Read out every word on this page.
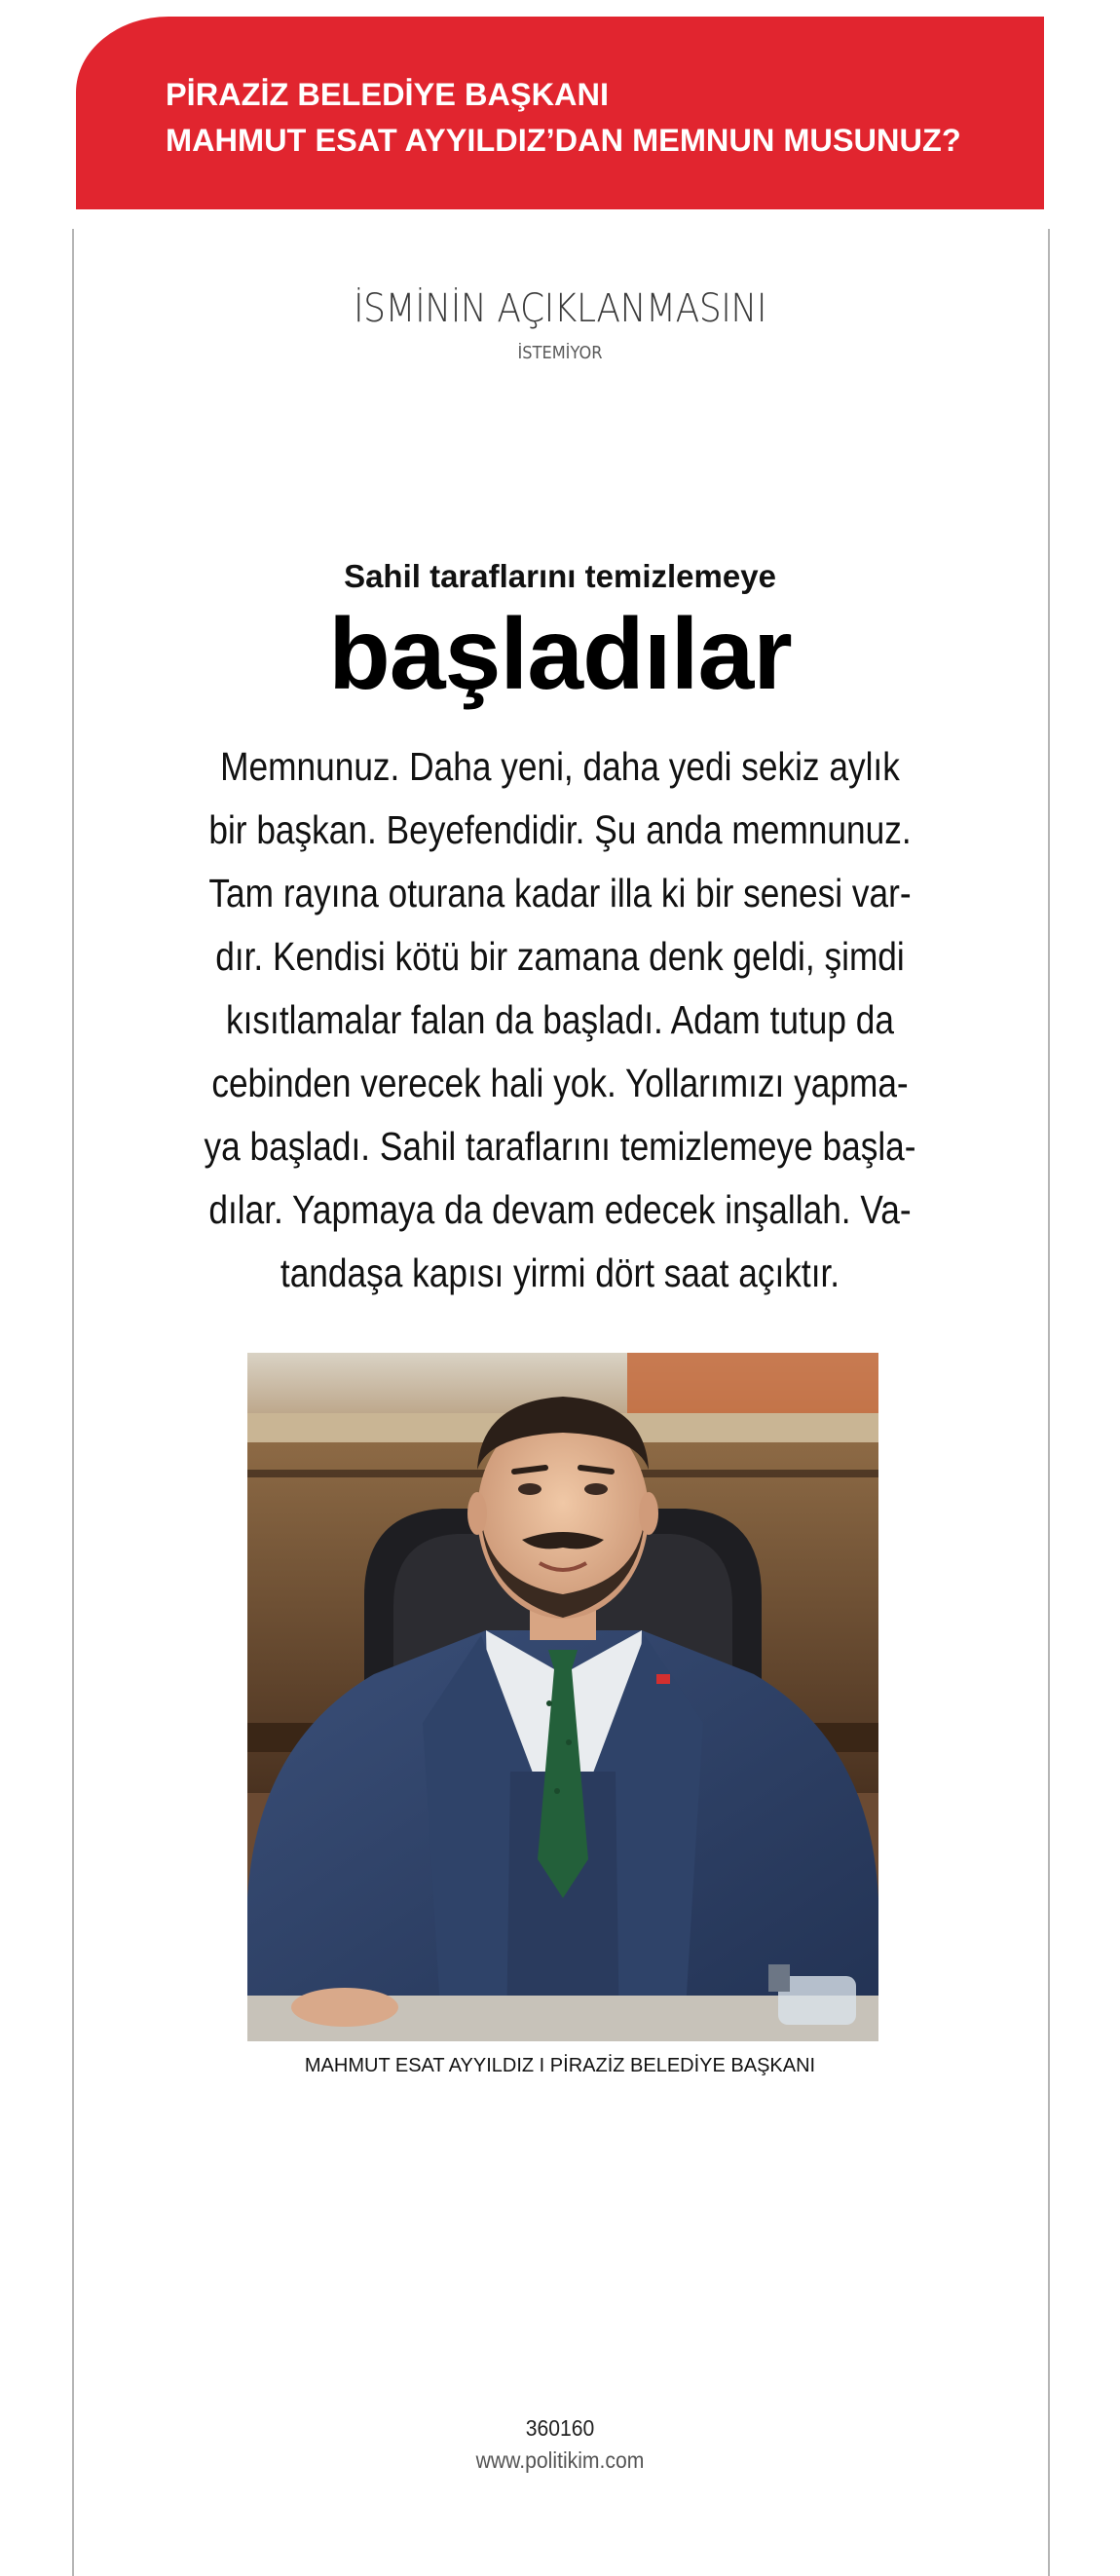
PİRAZİZ BELEDİYE BAŞKANI
MAHMUT ESAT AYYILDIZ’DAN MEMNUN MUSUNUZ?
İSMİNİN AÇIKLANMASINI
İSTEMİYOR
Sahil taraflarını temizlemeye
başladılar
Memnunuz. Daha yeni, daha yedi sekiz aylık
bir başkan. Beyefendidir. Şu anda memnunuz.
Tam rayına oturana kadar illa ki bir senesi var-
dır. Kendisi kötü bir zamana denk geldi, şimdi
kısıtlamalar falan da başladı. Adam tutup da
cebinden verecek hali yok. Yollarımızı yapma-
ya başladı. Sahil taraflarını temizlemeye başla-
dılar. Yapmaya da devam edecek inşallah. Va-
tandaşa kapısı yirmi dört saat açıktır.
MAHMUT ESAT AYYILDIZ I PİRAZİZ BELEDİYE BAŞKANI
360160
www.politikim.com
